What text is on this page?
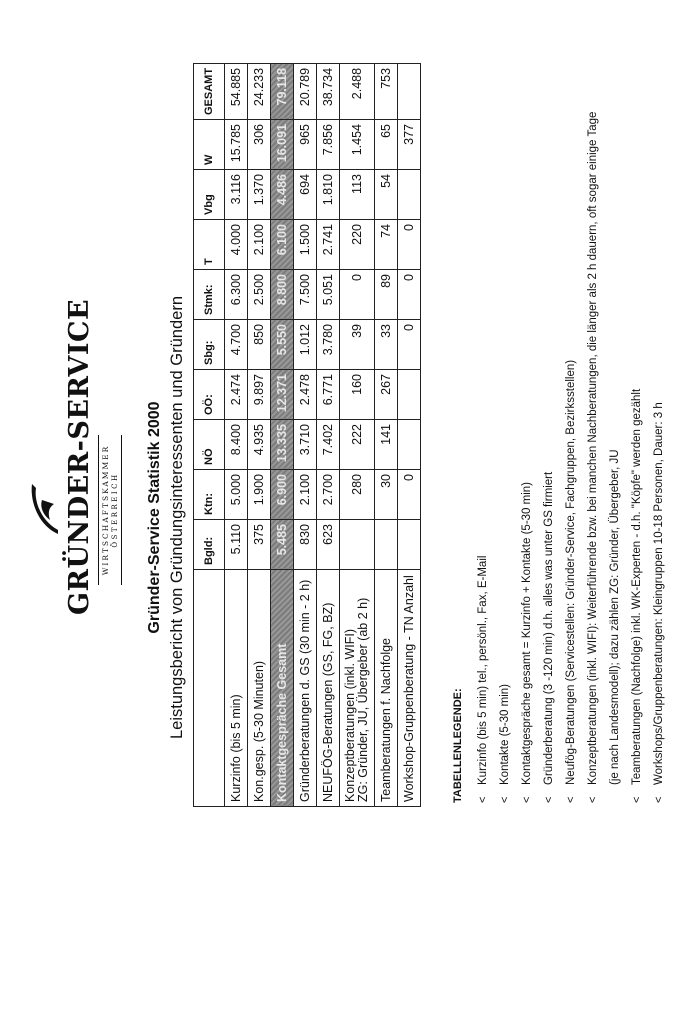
GRÜNDER-SERVICE WIRTSCHAFTSKAMMER ÖSTERREICH Gründer-Service Statistik 2000 Leistungsbericht von Gründungsinteressenten und Gründern
	Bgld:	Ktn:	NÖ	OÖ:	Sbg:	Stmk:	T	Vbg	W	GESAMT
Kurzinfo (bis 5 min)	5.110	5.000	8.400	2.474	4.700	6.300	4.000	3.116	15.785	54.885
Kon.gesp. (5-30 Minuten)	375	1.900	4.935	9.897	850	2.500	2.100	1.370	306	24.233
Kontaktgespräche Gesamt	5.485	6.900	13.335	12.371	5.550	8.800	6.100	4.486	16.091	79.118
Gründerberatungen d. GS (30 min - 2 h)	830	2.100	3.710	2.478	1.012	7.500	1.500	694	965	20.789
NEUFÖG-Beratungen (GS, FG, BZ)	623	2.700	7.402	6.771	3.780	5.051	2.741	1.810	7.856	38.734

Konzeptberatungen (inkl. WIFI) ZG: Gründer, JU, Übergeber (ab 2 h)		280	222	160	39	0	220	113	1.454	2.488
Teamberatungen f. Nachfolge		30	141	267	33	89	74	54	65	753
Workshop-Gruppenberatung - TN Anzahl		0			0	0	0		377	
TABELLENLEGENDE: <
Kurzinfo (bis 5 min) tel., persönl., Fax, E-Mail
<
Kontakte (5-30 min)
<
Kontaktgespräche gesamt = Kurzinfo + Kontakte (5-30 min)
<
Gründerberatung (3 -120 min) d.h. alles was unter GS firmiert
<
Neufög-Beratungen (Servicestellen: Gründer-Service, Fachgruppen, Bezirksstellen)
<
Konzeptberatungen (inkl. WIFI): Weiterführende bzw. bei manchen Nachberatungen, die länger als 2 h dauern, oft sogar einige Tage (je nach Landesmodell); dazu zählen ZG: Gründer, Übergeber, JU
<
Teamberatungen (Nachfolge) inkl. WK-Experten - d.h. "Köpfe" werden gezählt
<
Workshops/Gruppenberatungen: Kleingruppen 10-18 Personen, Dauer: 3 h
